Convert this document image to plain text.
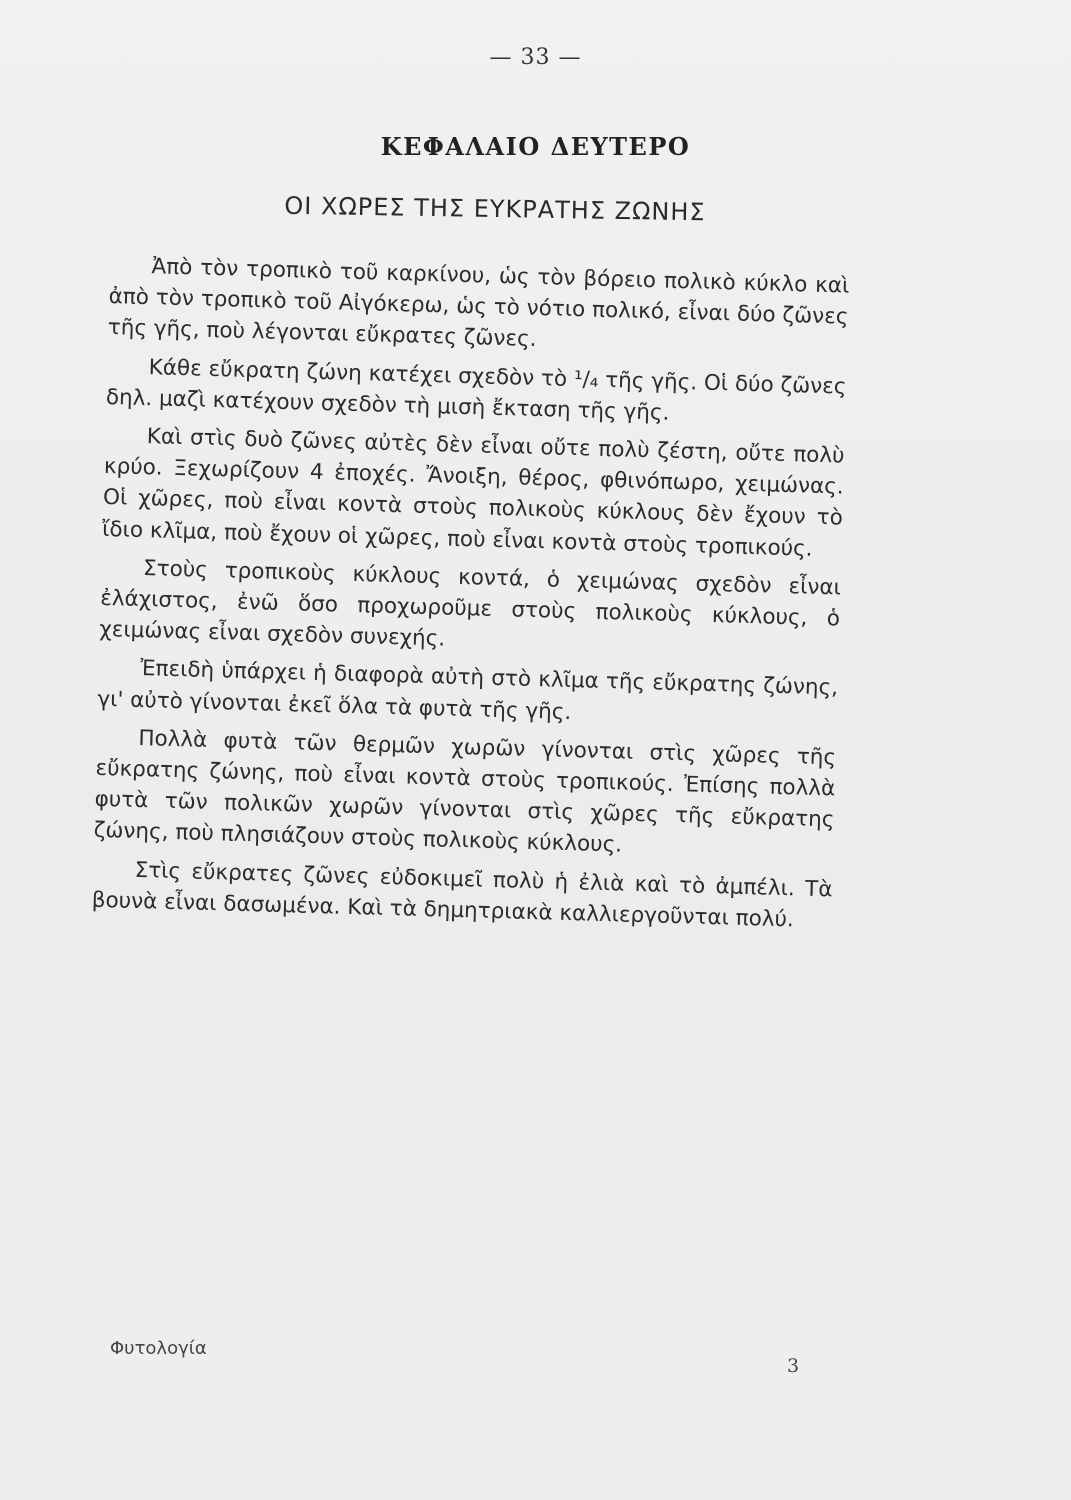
— 33 —
ΚΕΦΑΛΑΙΟ ΔΕΥΤΕΡΟ
ΟΙ ΧΩΡΕΣ ΤΗΣ ΕΥΚΡΑΤΗΣ ΖΩΝΗΣ

Ἀπὸ τὸν τροπικὸ τοῦ καρκίνου, ὡς τὸν βόρειο πολικὸ κύκλο καὶ ἀπὸ τὸν τροπικὸ τοῦ Αἰγόκερω, ὡς τὸ νότιο πολικό, εἶναι δύο ζῶνες τῆς γῆς, ποὺ λέγονται εὔκρατες ζῶνες.

Κάθε εὔκρατη ζώνη κατέχει σχεδὸν τὸ ¹/₄ τῆς γῆς. Οἱ δύο ζῶνες δηλ. μαζὶ κατέχουν σχεδὸν τὴ μισὴ ἔκταση τῆς γῆς.

Καὶ στὶς δυὸ ζῶνες αὐτὲς δὲν εἶναι οὔτε πολὺ ζέστη, οὔτε πολὺ κρύο. Ξεχωρίζουν 4 ἐποχές. Ἄνοιξη, θέρος, φθινόπωρο, χειμώνας. Οἱ χῶρες, ποὺ εἶναι κοντὰ στοὺς πολικοὺς κύκλους δὲν ἔχουν τὸ ἴδιο κλῖμα, ποὺ ἔχουν οἱ χῶρες, ποὺ εἶναι κοντὰ στοὺς τροπικούς.

Στοὺς τροπικοὺς κύκλους κοντά, ὁ χειμώνας σχεδὸν εἶναι ἐλάχιστος, ἐνῶ ὅσο προχωροῦμε στοὺς πολικοὺς κύκλους, ὁ χειμώνας εἶναι σχεδὸν συνεχής.

Ἐπειδὴ ὑπάρχει ἡ διαφορὰ αὐτὴ στὸ κλῖμα τῆς εὔκρατης ζώνης, γι' αὐτὸ γίνονται ἐκεῖ ὅλα τὰ φυτὰ τῆς γῆς.

Πολλὰ φυτὰ τῶν θερμῶν χωρῶν γίνονται στὶς χῶρες τῆς εὔκρατης ζώνης, ποὺ εἶναι κοντὰ στοὺς τροπικούς. Ἐπίσης πολλὰ φυτὰ τῶν πολικῶν χωρῶν γίνονται στὶς χῶρες τῆς εὔκρατης ζώνης, ποὺ πλησιάζουν στοὺς πολικοὺς κύκλους.

Στὶς εὔκρατες ζῶνες εὐδοκιμεῖ πολὺ ἡ ἐλιὰ καὶ τὸ ἀμπέλι. Τὰ βουνὰ εἶναι δασωμένα. Καὶ τὰ δημητριακὰ καλλιεργοῦνται πολύ.

Φυτολογία
3
